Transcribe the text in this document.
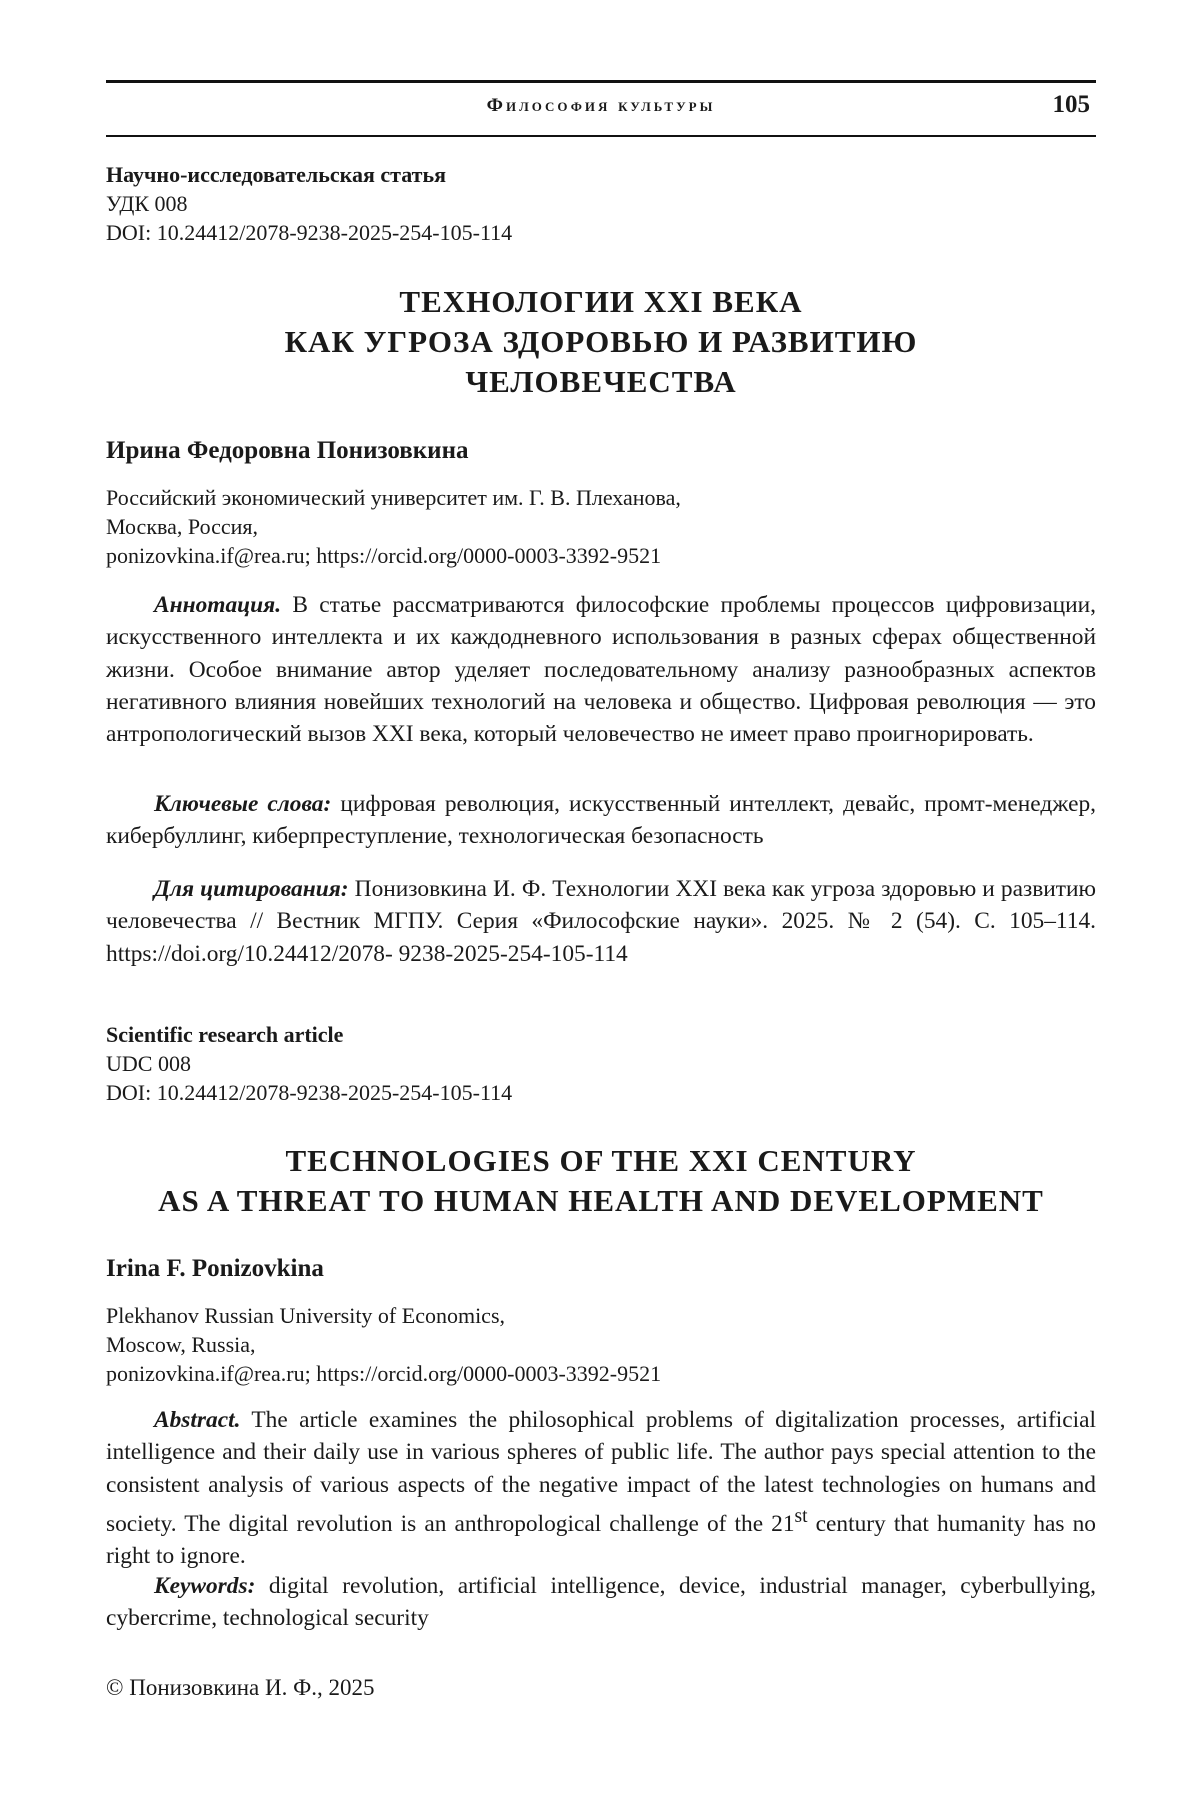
Философия культуры	105
Научно-исследовательская статья
УДК 008
DOI: 10.24412/2078-9238-2025-254-105-114
ТЕХНОЛОГИИ XXI ВЕКА
КАК УГРОЗА ЗДОРОВЬЮ И РАЗВИТИЮ
ЧЕЛОВЕЧЕСТВА
Ирина Федоровна Понизовкина
Российский экономический университет им. Г. В. Плеханова,
Москва, Россия,
ponizovkina.if@rea.ru; https://orcid.org/0000-0003-3392-9521

Аннотация. В статье рассматриваются философские проблемы процессов цифровизации, искусственного интеллекта и их каждодневного использования в разных сферах общественной жизни. Особое внимание автор уделяет последовательному анализу разнообразных аспектов негативного влияния новейших технологий на человека и общество. Цифровая революция — это антропологический вызов XXI века, который человечество не имеет право проигнорировать.

Ключевые слова: цифровая революция, искусственный интеллект, девайс, промт-менеджер, кибербуллинг, киберпреступление, технологическая безопасность

Для цитирования: Понизовкина И. Ф. Технологии XXI века как угроза здоровью и развитию человечества // Вестник МГПУ. Серия «Философские науки». 2025. № 2 (54). С. 105–114. https://doi.org/10.24412/2078- 9238-2025-254-105-114

Scientific research article
UDC 008
DOI: 10.24412/2078-9238-2025-254-105-114
TECHNOLOGIES OF THE XXI CENTURY
AS A THREAT TO HUMAN HEALTH AND DEVELOPMENT
Irina F. Ponizovkina
Plekhanov Russian University of Economics,
Moscow, Russia,
ponizovkina.if@rea.ru; https://orcid.org/0000-0003-3392-9521

Abstract. The article examines the philosophical problems of digitalization processes, artificial intelligence and their daily use in various spheres of public life. The author pays special attention to the consistent analysis of various aspects of the negative impact of the latest technologies on humans and society. The digital revolution is an anthropological challenge of the 21st century that humanity has no right to ignore.

Keywords: digital revolution, artificial intelligence, device, industrial manager, cyberbullying, cybercrime, technological security

© Понизовкина И. Ф., 2025
